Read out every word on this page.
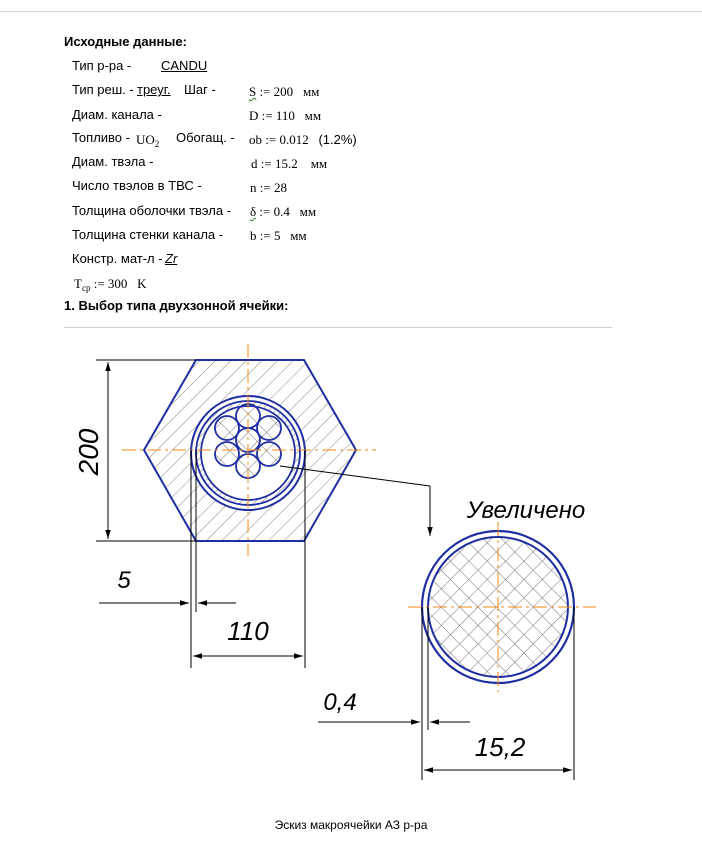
Исходные данные:
Тип р-ра - CANDU
Тип реш. - треуг. Шаг -	S := 200 мм
Диам. канала -	D := 110 мм
Топливо - $UO_2$ Обогащ. - ob := 0.012 (1.2%)
Диам. твэла -	d := 15.2 мм
Число твэлов в ТВС -	n := 28
Толщина оболочки твэла - δ := 0.4 мм
Толщина стенки канала - b := 5 мм
Констр. мат-л - Zr
$T_{ср}$ := 300 K
1. Выбор типа двухзонной ячейки:
200
5
110
Увеличено
0,4
15,2
Эскиз макроячейки АЗ р-ра
